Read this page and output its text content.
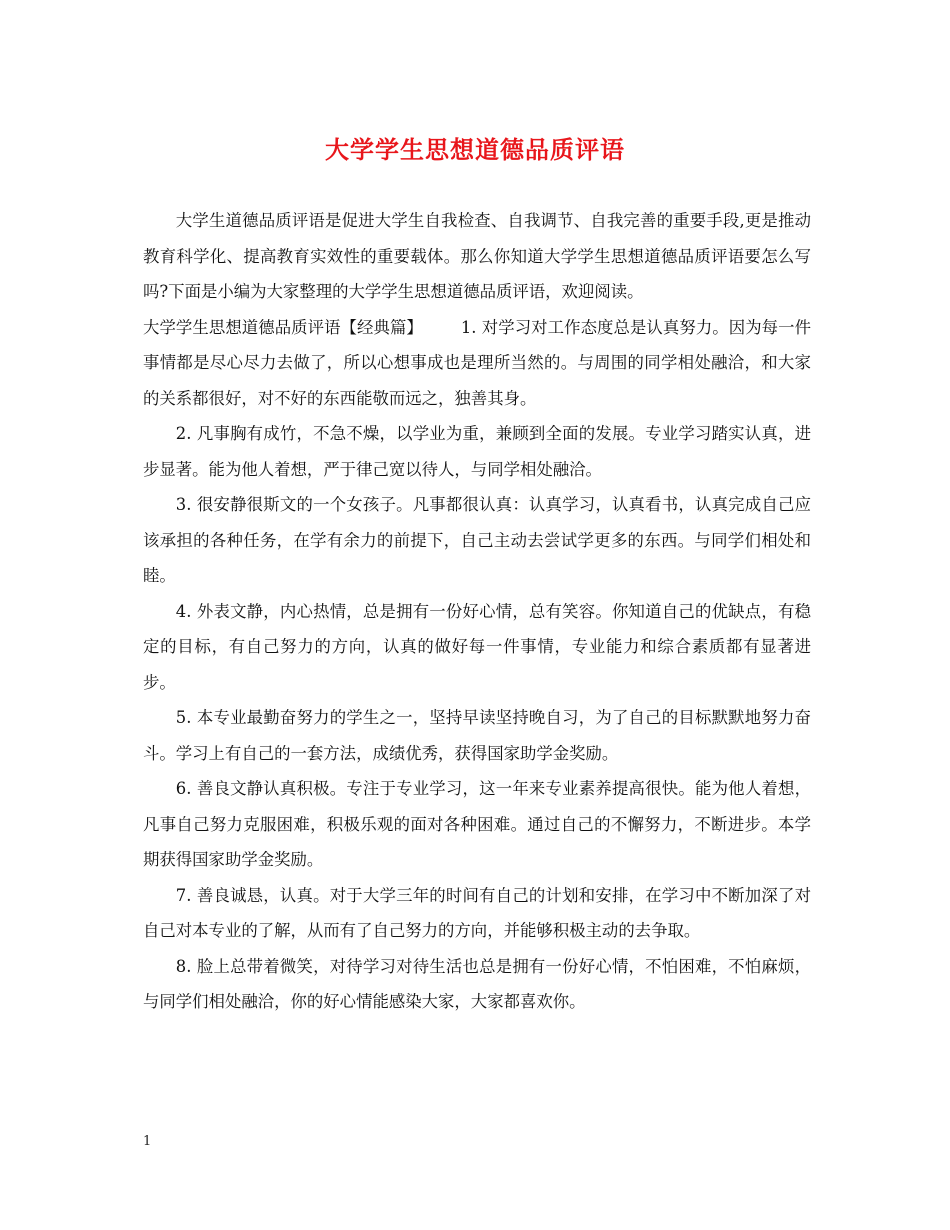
大学学生思想道德品质评语

大学生道德品质评语是促进大学生自我检查、自我调节、自我完善的重要手段,更是推动教育科学化、提高教育实效性的重要载体。那么你知道大学学生思想道德品质评语要怎么写吗?下面是小编为大家整理的大学学生思想道德品质评语，欢迎阅读。

大学学生思想道德品质评语【经典篇】 1. 对学习对工作态度总是认真努力。因为每一件事情都是尽心尽力去做了，所以心想事成也是理所当然的。与周围的同学相处融洽，和大家的关系都很好，对不好的东西能敬而远之，独善其身。

2. 凡事胸有成竹，不急不燥，以学业为重，兼顾到全面的发展。专业学习踏实认真，进步显著。能为他人着想，严于律己宽以待人，与同学相处融洽。

3. 很安静很斯文的一个女孩子。凡事都很认真：认真学习，认真看书，认真完成自己应该承担的各种任务，在学有余力的前提下，自己主动去尝试学更多的东西。与同学们相处和睦。

4. 外表文静，内心热情，总是拥有一份好心情，总有笑容。你知道自己的优缺点，有稳定的目标，有自己努力的方向，认真的做好每一件事情，专业能力和综合素质都有显著进步。

5. 本专业最勤奋努力的学生之一，坚持早读坚持晚自习，为了自己的目标默默地努力奋斗。学习上有自己的一套方法，成绩优秀，获得国家助学金奖励。

6. 善良文静认真积极。专注于专业学习，这一年来专业素养提高很快。能为他人着想，凡事自己努力克服困难，积极乐观的面对各种困难。通过自己的不懈努力，不断进步。本学期获得国家助学金奖励。

7. 善良诚恳，认真。对于大学三年的时间有自己的计划和安排，在学习中不断加深了对自己对本专业的了解，从而有了自己努力的方向，并能够积极主动的去争取。

8. 脸上总带着微笑，对待学习对待生活也总是拥有一份好心情，不怕困难，不怕麻烦，与同学们相处融洽，你的好心情能感染大家，大家都喜欢你。

1
